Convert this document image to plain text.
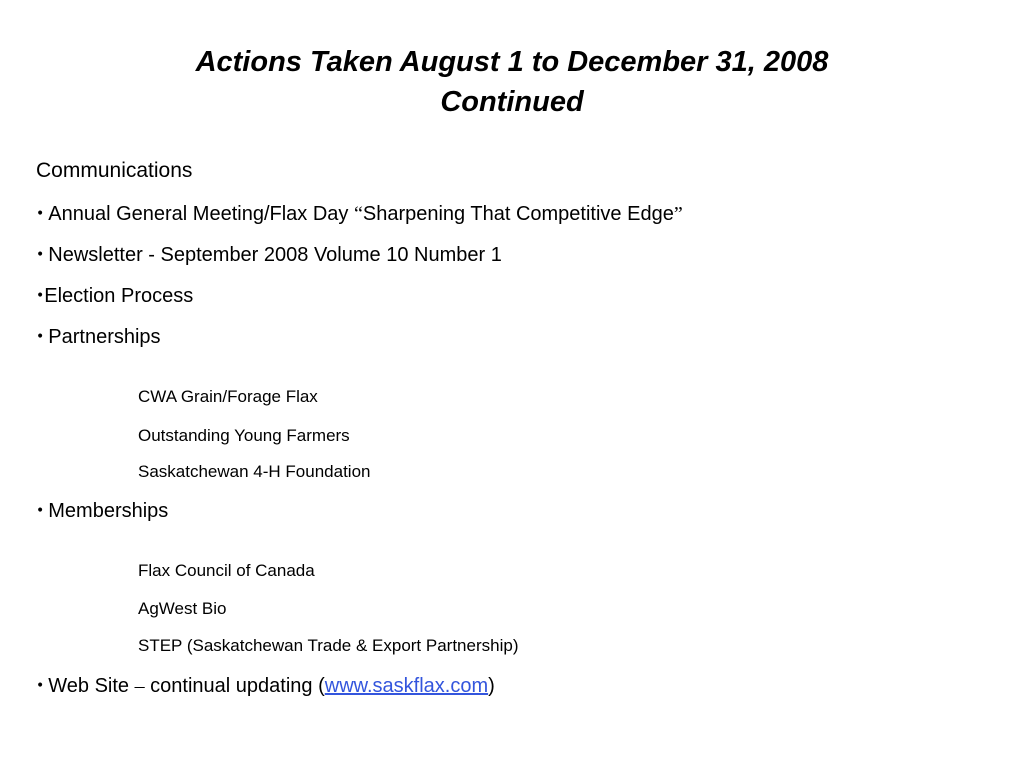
Actions Taken August 1 to December 31, 2008
Continued
Communications
• Annual General Meeting/Flax Day “Sharpening That Competitive Edge”
• Newsletter - September 2008 Volume 10 Number 1
•Election Process
• Partnerships
CWA Grain/Forage Flax
Outstanding Young Farmers
Saskatchewan 4-H Foundation
• Memberships
Flax Council of Canada
AgWest Bio
STEP (Saskatchewan Trade & Export Partnership)
• Web Site – continual updating (www.saskflax.com)
